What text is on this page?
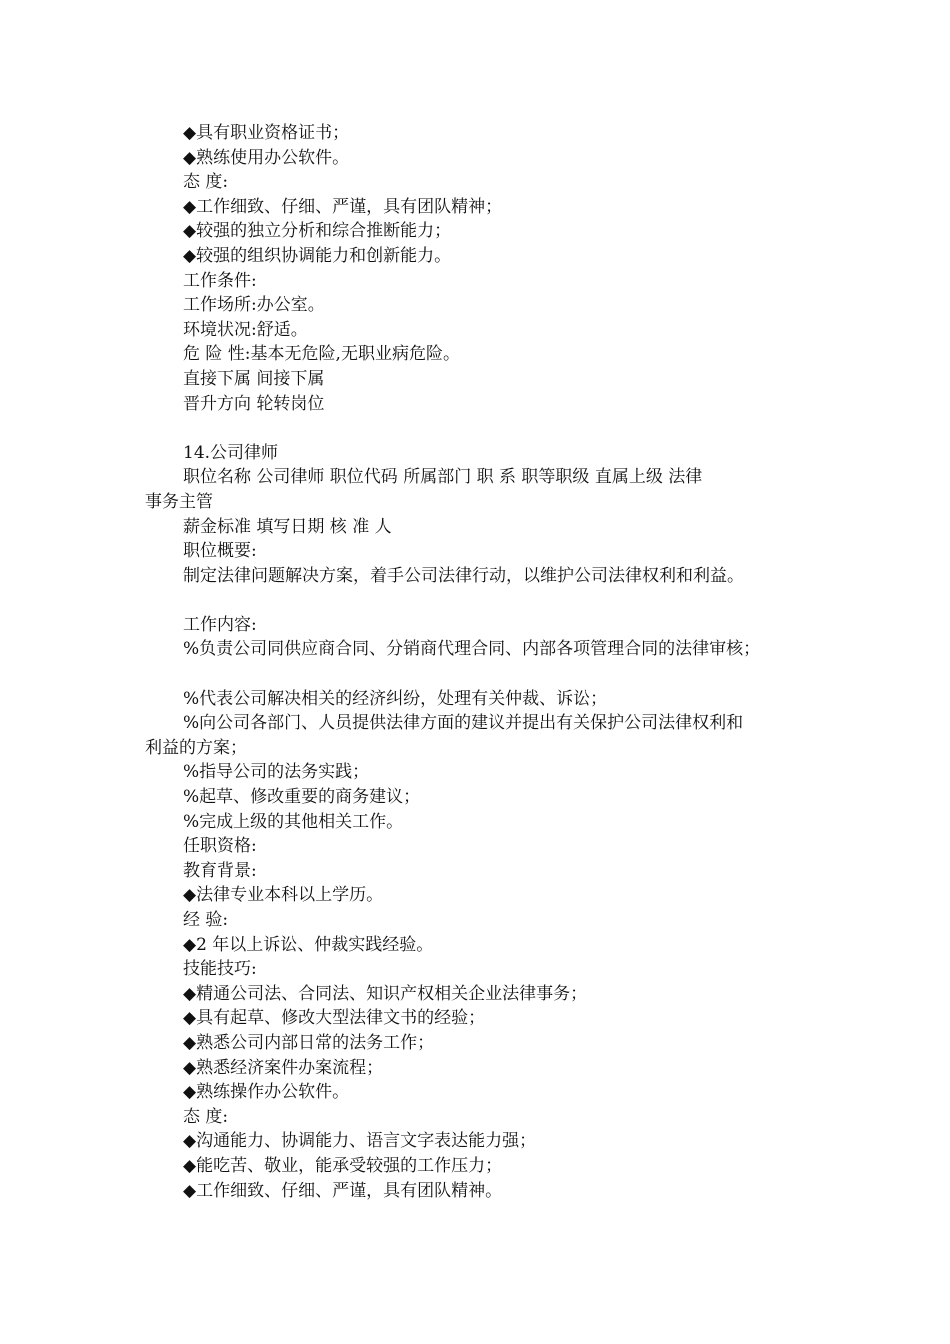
◆具有职业资格证书；
◆熟练使用办公软件。
态 度:
◆工作细致、仔细、严谨，具有团队精神；
◆较强的独立分析和综合推断能力；
◆较强的组织协调能力和创新能力。
工作条件:
工作场所:办公室。
环境状况:舒适。
危 险 性:基本无危险,无职业病危险。
直接下属 间接下属
晋升方向 轮转岗位
14.公司律师
职位名称 公司律师 职位代码 所属部门 职 系 职等职级 直属上级 法律
事务主管
薪金标准 填写日期 核 准 人
职位概要:
制定法律问题解决方案，着手公司法律行动，以维护公司法律权利和利益。
工作内容:
%负责公司同供应商合同、分销商代理合同、内部各项管理合同的法律审核；
%代表公司解决相关的经济纠纷，处理有关仲裁、诉讼；
%向公司各部门、人员提供法律方面的建议并提出有关保护公司法律权利和
利益的方案；
%指导公司的法务实践；
%起草、修改重要的商务建议；
%完成上级的其他相关工作。
任职资格:
教育背景:
◆法律专业本科以上学历。
经 验:
◆2 年以上诉讼、仲裁实践经验。
技能技巧:
◆精通公司法、合同法、知识产权相关企业法律事务；
◆具有起草、修改大型法律文书的经验；
◆熟悉公司内部日常的法务工作；
◆熟悉经济案件办案流程；
◆熟练操作办公软件。
态 度:
◆沟通能力、协调能力、语言文字表达能力强；
◆能吃苦、敬业，能承受较强的工作压力；
◆工作细致、仔细、严谨，具有团队精神。
